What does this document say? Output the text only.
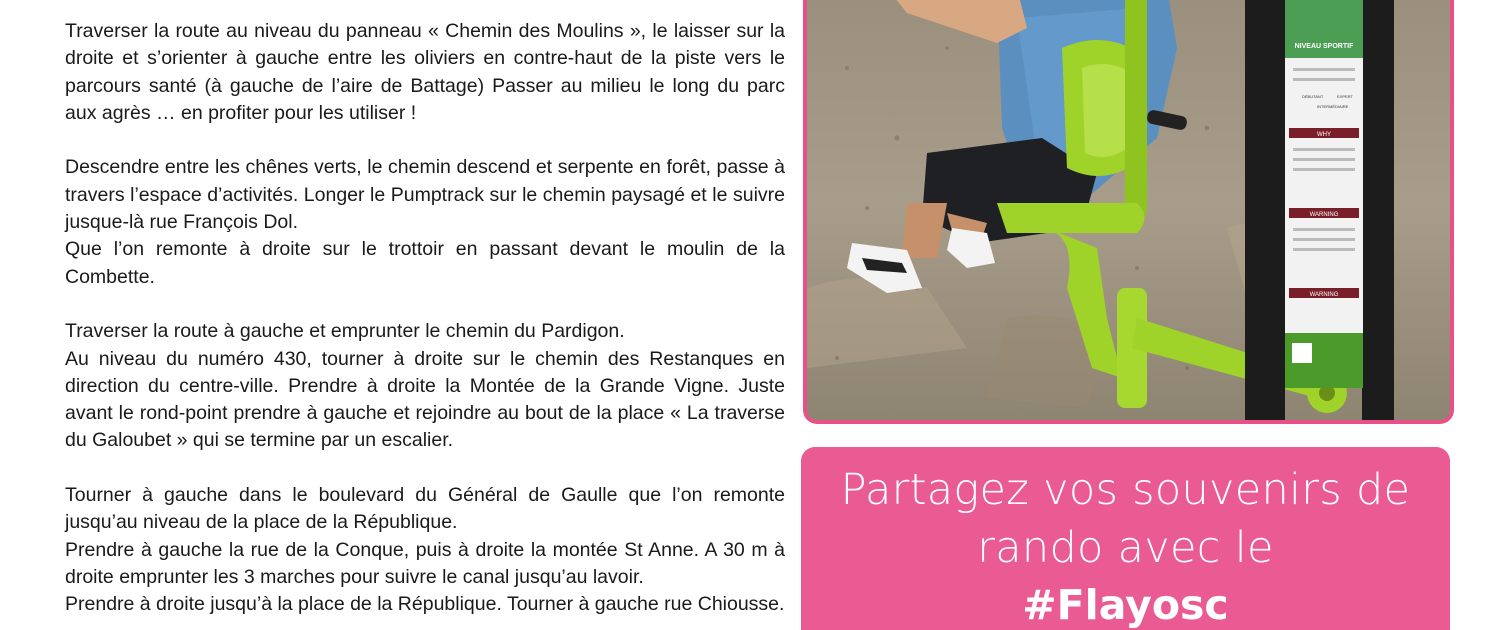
Traverser la route au niveau du panneau « Chemin des Moulins », le laisser sur la droite et s’orienter à gauche entre les oliviers en contre-haut de la piste vers le parcours santé (à gauche de l’aire de Battage) Passer au milieu le long du parc aux agrès … en profiter pour les utiliser !

Descendre entre les chênes verts, le chemin descend et serpente en forêt, passe à travers l’espace d’activités. Longer le Pumptrack sur le chemin paysagé et le suivre jusque-là rue François Dol.

Que l’on remonte à droite sur le trottoir en passant devant le moulin de la Combette.

Traverser la route à gauche et emprunter le chemin du Pardigon.

Au niveau du numéro 430, tourner à droite sur le chemin des Restanques en direction du centre-ville. Prendre à droite la Montée de la Grande Vigne. Juste avant le rond-point prendre à gauche et rejoindre au bout de la place « La traverse du Galoubet » qui se termine par un escalier.

Tourner à gauche dans le boulevard du Général de Gaulle que l’on remonte jusqu’au niveau de la place de la République.

Prendre à gauche la rue de la Conque, puis à droite la montée St Anne. A 30 m à droite emprunter les 3 marches pour suivre le canal jusqu’au lavoir.

Prendre à droite jusqu’à la place de la République. Tourner à gauche rue Chiousse.

NIVEAU SPORTIF
DÉBUTANT
INTERMÉDIAIRE
EXPERT
WHY
WARNING
WARNING
Partagez vos souvenirs de
rando avec le
#Flayosc
